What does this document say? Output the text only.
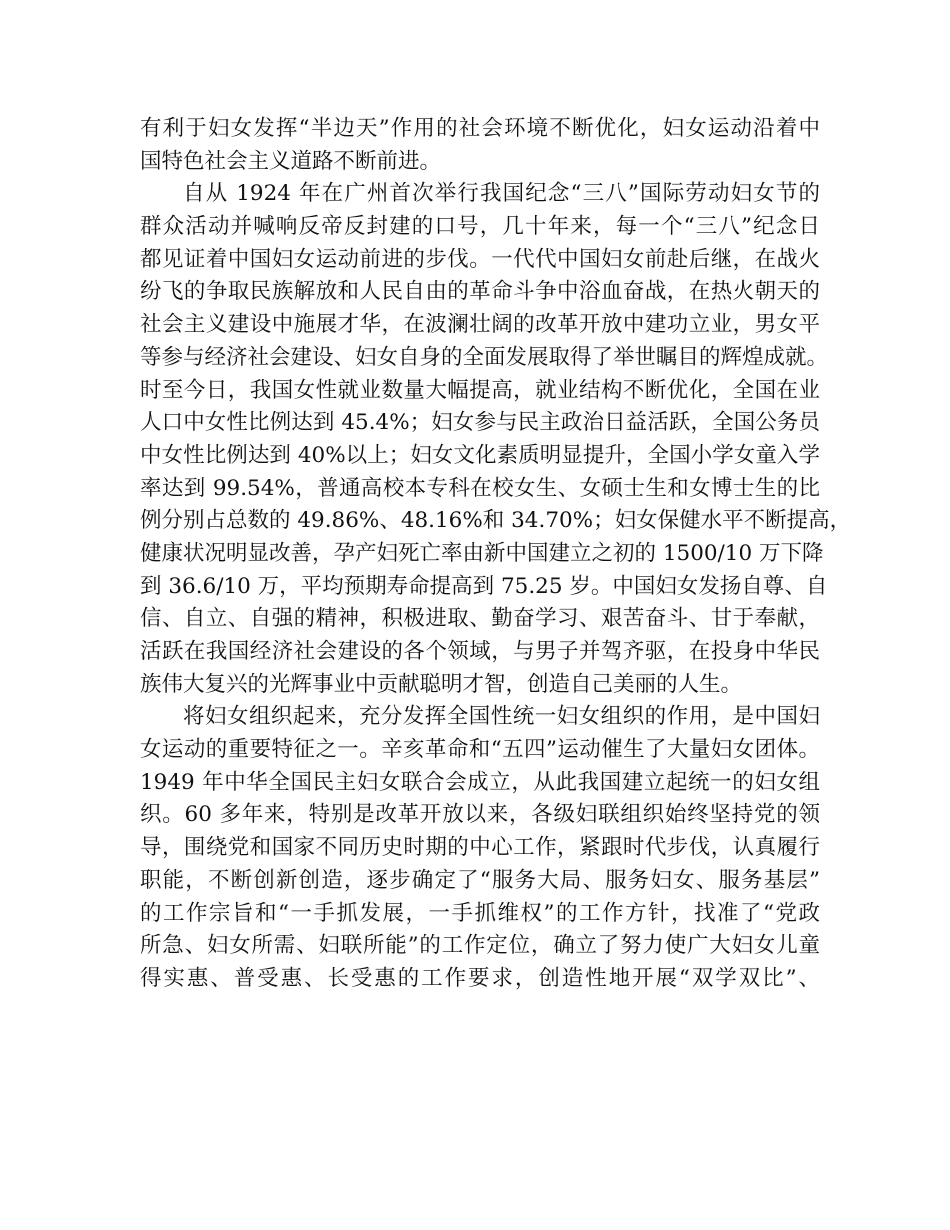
有利于妇女发挥“半边天”作用的社会环境不断优化，妇女运动沿着中
国特色社会主义道路不断前进。
自从 1924 年在广州首次举行我国纪念“三八”国际劳动妇女节的
群众活动并喊响反帝反封建的口号，几十年来，每一个“三八”纪念日
都见证着中国妇女运动前进的步伐。一代代中国妇女前赴后继，在战火
纷飞的争取民族解放和人民自由的革命斗争中浴血奋战，在热火朝天的
社会主义建设中施展才华，在波澜壮阔的改革开放中建功立业，男女平
等参与经济社会建设、妇女自身的全面发展取得了举世瞩目的辉煌成就。
时至今日，我国女性就业数量大幅提高，就业结构不断优化，全国在业
人口中女性比例达到 45.4%；妇女参与民主政治日益活跃，全国公务员
中女性比例达到 40%以上；妇女文化素质明显提升，全国小学女童入学
率达到 99.54%，普通高校本专科在校女生、女硕士生和女博士生的比
例分别占总数的 49.86%、48.16%和 34.70%；妇女保健水平不断提高，
健康状况明显改善，孕产妇死亡率由新中国建立之初的 1500/10 万下降
到 36.6/10 万，平均预期寿命提高到 75.25 岁。中国妇女发扬自尊、自
信、自立、自强的精神，积极进取、勤奋学习、艰苦奋斗、甘于奉献，
活跃在我国经济社会建设的各个领域，与男子并驾齐驱，在投身中华民
族伟大复兴的光辉事业中贡献聪明才智，创造自己美丽的人生。
将妇女组织起来，充分发挥全国性统一妇女组织的作用，是中国妇
女运动的重要特征之一。辛亥革命和“五四”运动催生了大量妇女团体。
1949 年中华全国民主妇女联合会成立，从此我国建立起统一的妇女组
织。60 多年来，特别是改革开放以来，各级妇联组织始终坚持党的领
导，围绕党和国家不同历史时期的中心工作，紧跟时代步伐，认真履行
职能，不断创新创造，逐步确定了“服务大局、服务妇女、服务基层”
的工作宗旨和“一手抓发展，一手抓维权”的工作方针，找准了“党政
所急、妇女所需、妇联所能”的工作定位，确立了努力使广大妇女儿童
得实惠、普受惠、长受惠的工作要求，创造性地开展“双学双比”、
